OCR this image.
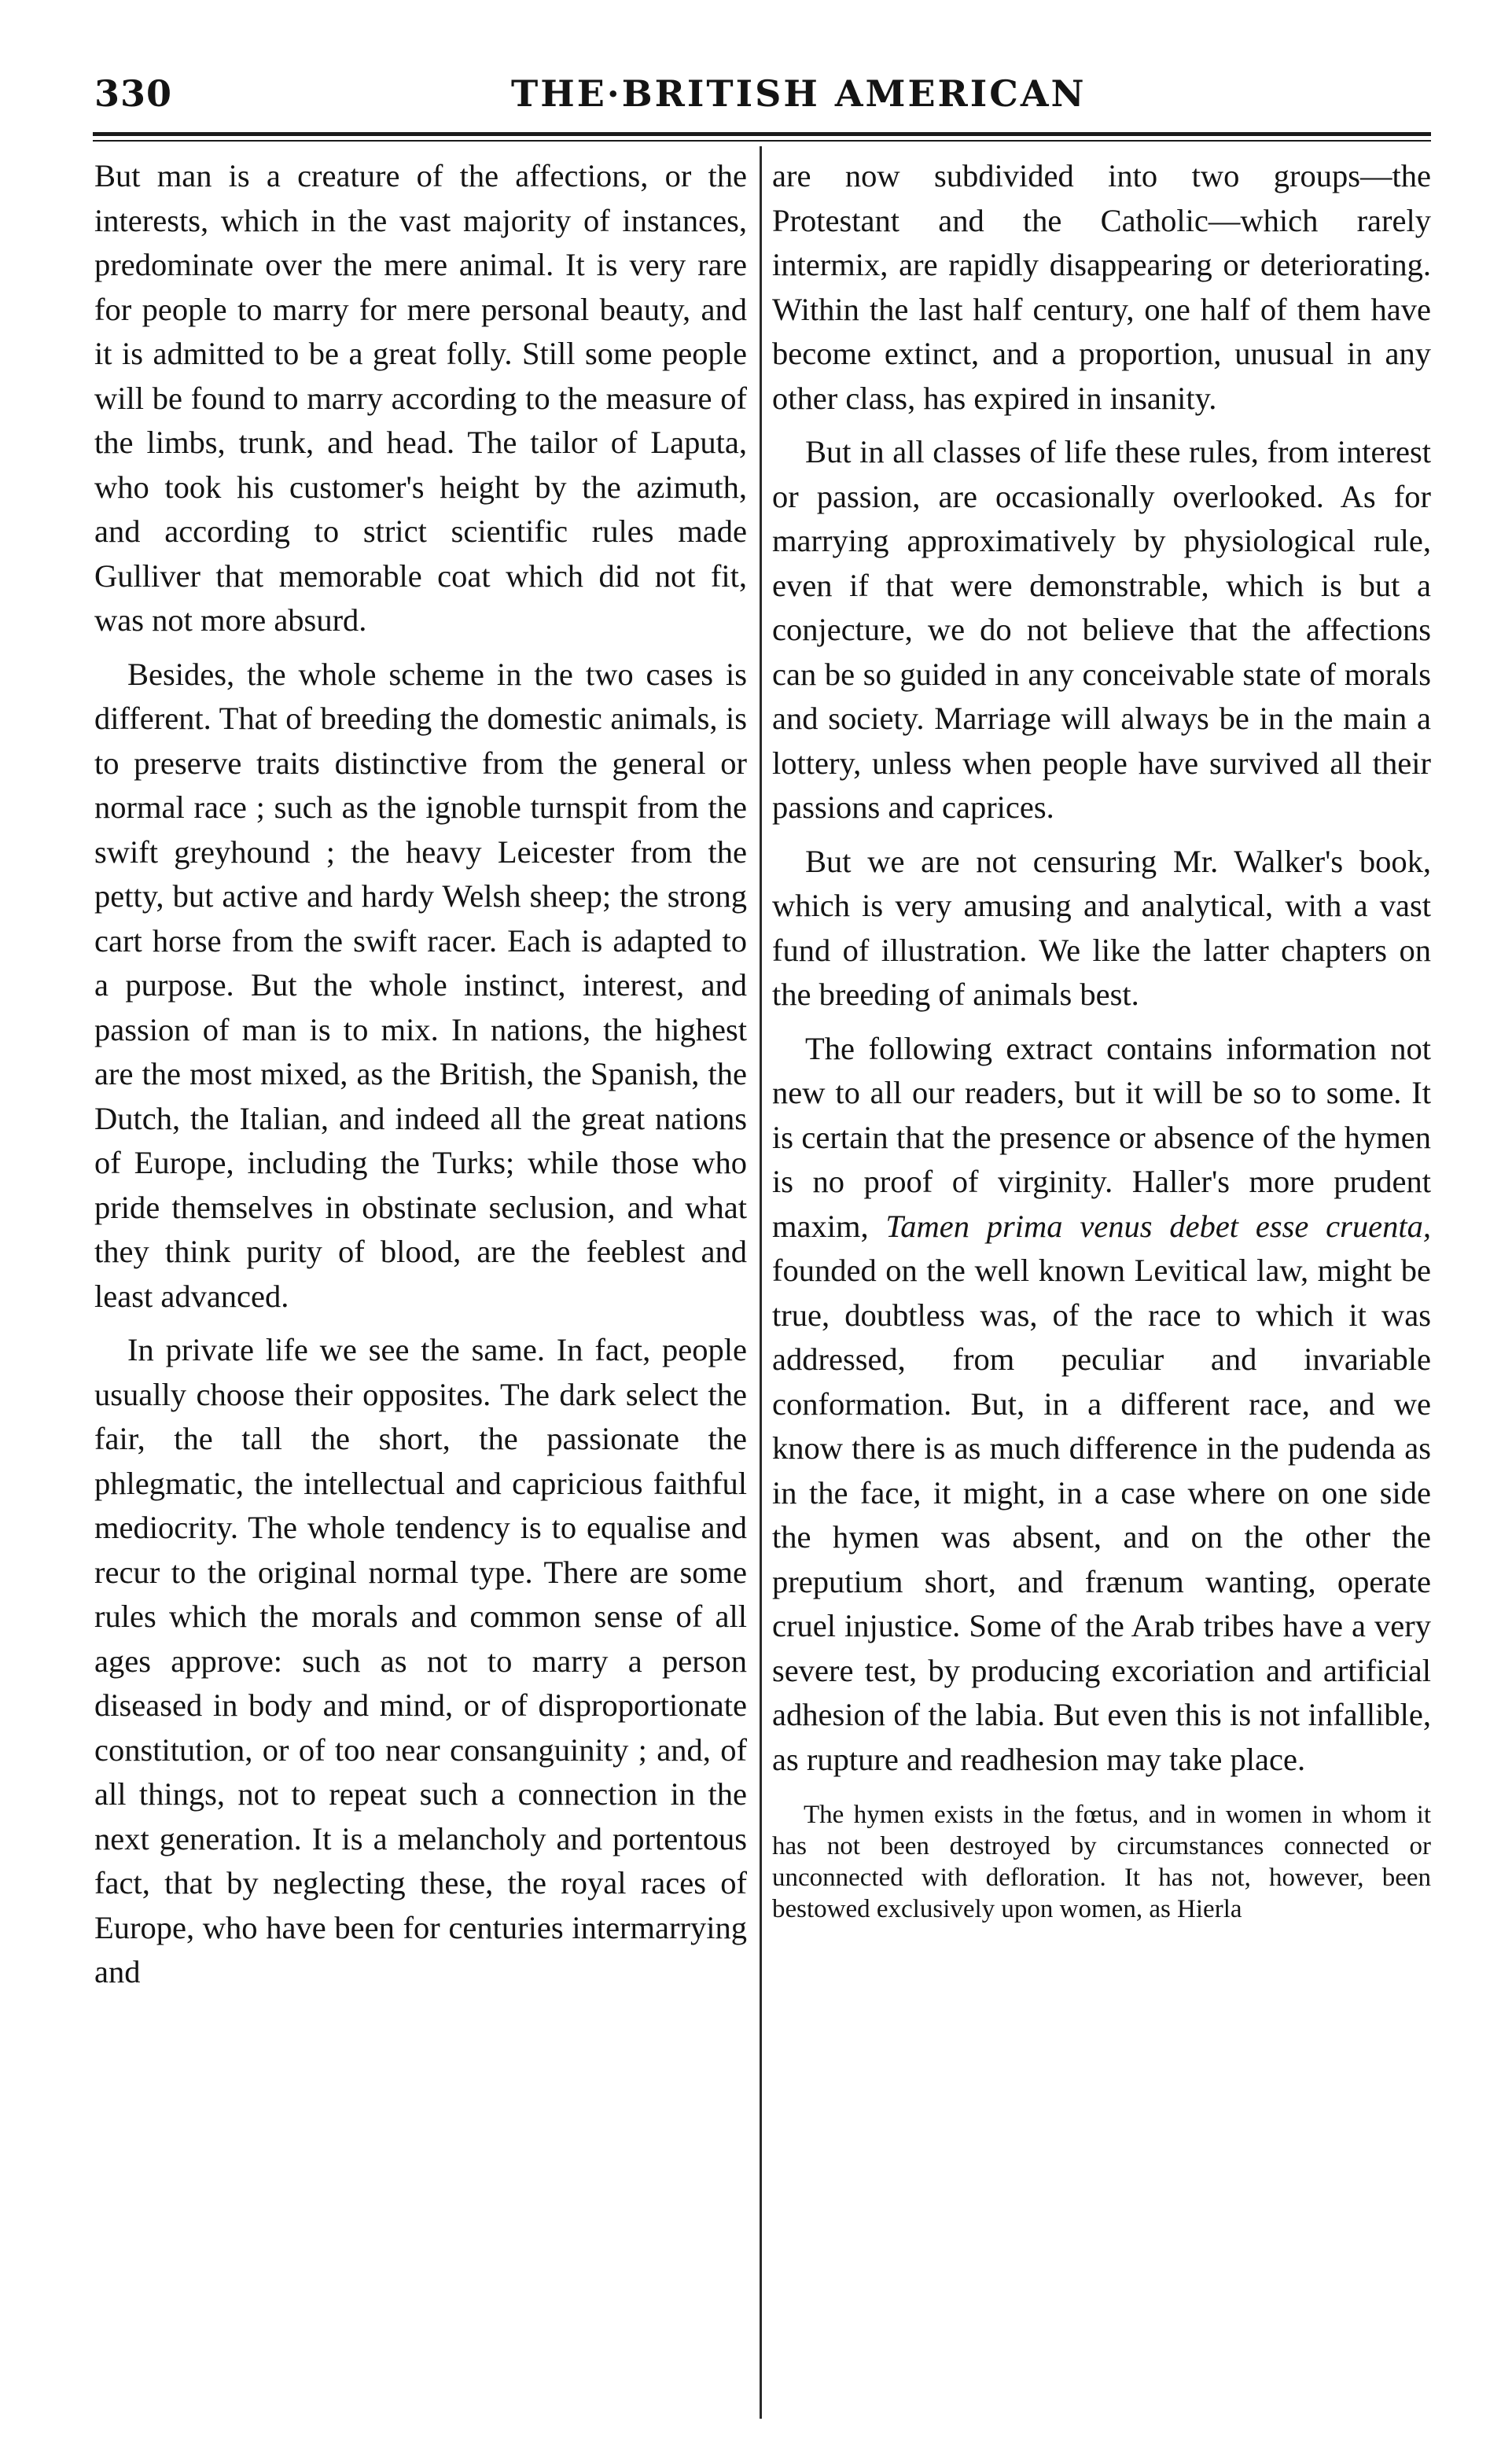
330	THE·BRITISH AMERICAN

But man is a creature of the affections, or the interests, which in the vast majority of instances, predominate over the mere animal. It is very rare for people to marry for mere personal beauty, and it is admitted to be a great folly. Still some people will be found to marry according to the measure of the limbs, trunk, and head. The tailor of Laputa, who took his customer's height by the azimuth, and according to strict scientific rules made Gulliver that memorable coat which did not fit, was not more absurd.

Besides, the whole scheme in the two cases is different. That of breeding the domestic animals, is to preserve traits distinctive from the general or normal race ; such as the ignoble turnspit from the swift greyhound ; the heavy Leicester from the petty, but active and hardy Welsh sheep; the strong cart horse from the swift racer. Each is adapted to a purpose. But the whole instinct, interest, and passion of man is to mix. In nations, the highest are the most mixed, as the British, the Spanish, the Dutch, the Italian, and indeed all the great nations of Europe, including the Turks; while those who pride themselves in obstinate seclusion, and what they think purity of blood, are the feeblest and least advanced.

In private life we see the same. In fact, people usually choose their opposites. The dark select the fair, the tall the short, the passionate the phlegmatic, the intellectual and capricious faithful mediocrity. The whole tendency is to equalise and recur to the original normal type. There are some rules which the morals and common sense of all ages approve: such as not to marry a person diseased in body and mind, or of disproportionate constitution, or of too near consanguinity ; and, of all things, not to repeat such a connection in the next generation. It is a melancholy and portentous fact, that by neglecting these, the royal races of Europe, who have been for centuries intermarrying and

are now subdivided into two groups—the Protestant and the Catholic—which rarely intermix, are rapidly disappearing or deteriorating. Within the last half century, one half of them have become extinct, and a proportion, unusual in any other class, has expired in insanity.

But in all classes of life these rules, from interest or passion, are occasionally overlooked. As for marrying approximatively by physiological rule, even if that were demonstrable, which is but a conjecture, we do not believe that the affections can be so guided in any conceivable state of morals and society. Marriage will always be in the main a lottery, unless when people have survived all their passions and caprices.

But we are not censuring Mr. Walker's book, which is very amusing and analytical, with a vast fund of illustration. We like the latter chapters on the breeding of animals best.

The following extract contains information not new to all our readers, but it will be so to some. It is certain that the presence or absence of the hymen is no proof of virginity. Haller's more prudent maxim, Tamen prima venus debet esse cruenta, founded on the well known Levitical law, might be true, doubtless was, of the race to which it was addressed, from peculiar and invariable conformation. But, in a different race, and we know there is as much difference in the pudenda as in the face, it might, in a case where on one side the hymen was absent, and on the other the preputium short, and frænum wanting, operate cruel injustice. Some of the Arab tribes have a very severe test, by producing excoriation and artificial adhesion of the labia. But even this is not infallible, as rupture and readhesion may take place.

The hymen exists in the fœtus, and in women in whom it has not been destroyed by circumstances connected or unconnected with defloration. It has not, however, been bestowed exclusively upon women, as Hierla
